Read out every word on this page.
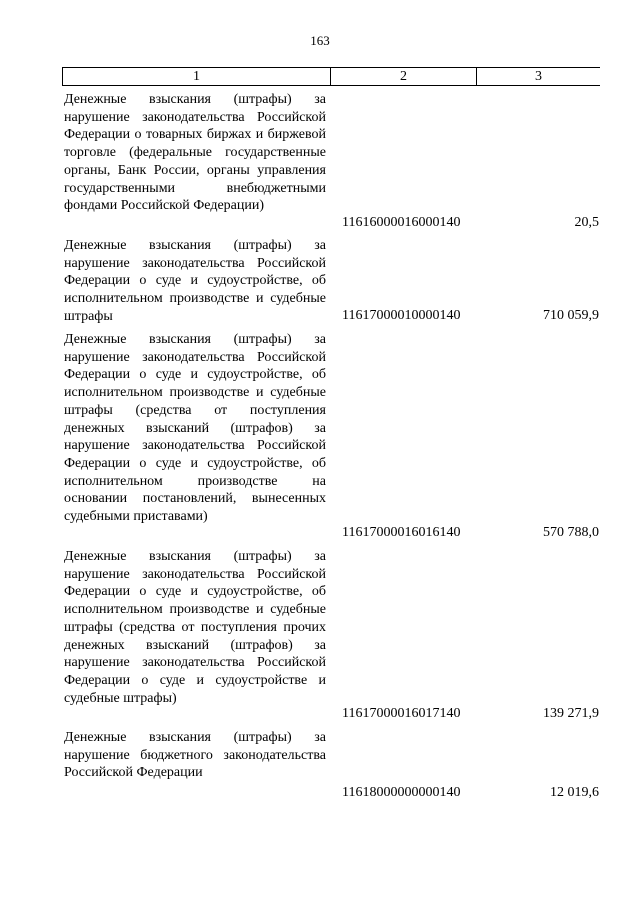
163
1	2	3
Денежные взыскания (штрафы) за нарушение законодательства Российской Федерации о товарных биржах и биржевой торговле (федеральные государственные органы, Банк России, органы управления государственными внебюджетными фондами Российской Федерации)
11616000016000140	20,5
Денежные взыскания (штрафы) за нарушение законодательства Российской Федерации о суде и судоустройстве, об исполнительном производстве и судебные штрафы	11617000010000140	710 059,9
Денежные взыскания (штрафы) за нарушение законодательства Российской Федерации о суде и судоустройстве, об исполнительном производстве и судебные штрафы (средства от поступления денежных взысканий (штрафов) за нарушение законодательства Российской Федерации о суде и судоустройстве, об исполнительном производстве на основании постановлений, вынесенных судебными приставами)
11617000016016140	570 788,0
Денежные взыскания (штрафы) за нарушение законодательства Российской Федерации о суде и судоустройстве, об исполнительном производстве и судебные штрафы (средства от поступления прочих денежных взысканий (штрафов) за нарушение законодательства Российской Федерации о суде и судоустройстве и судебные штрафы)
11617000016017140	139 271,9
Денежные взыскания (штрафы) за нарушение бюджетного законодательства Российской Федерации
11618000000000140	12 019,6
